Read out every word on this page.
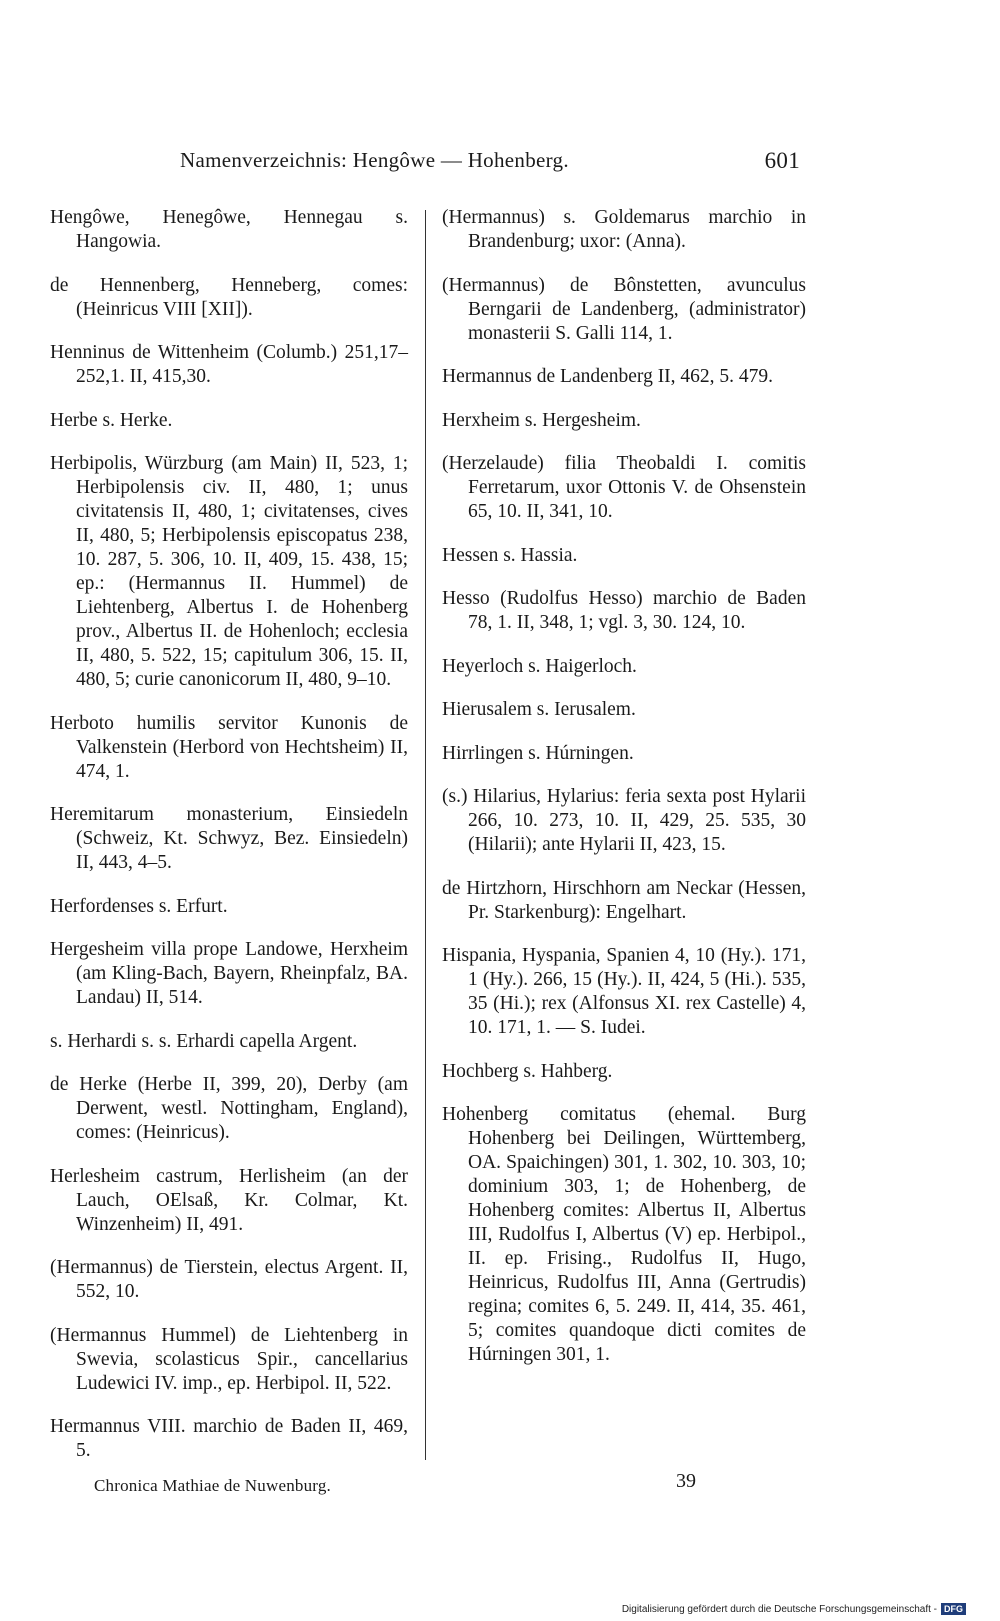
Namenverzeichnis: Hengôwe — Hohenberg.	601

Hengôwe, Henegôwe, Hennegau s. Hangowia.

de Hennenberg, Henneberg, comes: (Heinricus VIII [XII]).

Henninus de Wittenheim (Columb.) 251,17–252,1. II, 415,30.

Herbe s. Herke.

Herbipolis, Würzburg (am Main) II, 523, 1; Herbipolensis civ. II, 480, 1; unus civitatensis II, 480, 1; civitatenses, cives II, 480, 5; Herbipolensis episcopatus 238, 10. 287, 5. 306, 10. II, 409, 15. 438, 15; ep.: (Hermannus II. Hummel) de Liehtenberg, Albertus I. de Hohenberg prov., Albertus II. de Hohenloch; ecclesia II, 480, 5. 522, 15; capitulum 306, 15. II, 480, 5; curie canonicorum II, 480, 9–10.

Herboto humilis servitor Kunonis de Valkenstein (Herbord von Hechtsheim) II, 474, 1.

Heremitarum monasterium, Einsiedeln (Schweiz, Kt. Schwyz, Bez. Einsiedeln) II, 443, 4–5.

Herfordenses s. Erfurt.

Hergesheim villa prope Landowe, Herxheim (am Kling-Bach, Bayern, Rheinpfalz, BA. Landau) II, 514.

s. Herhardi s. s. Erhardi capella Argent.

de Herke (Herbe II, 399, 20), Derby (am Derwent, westl. Nottingham, England), comes: (Heinricus).

Herlesheim castrum, Herlisheim (an der Lauch, OElsaß, Kr. Colmar, Kt. Winzenheim) II, 491.

(Hermannus) de Tierstein, electus Argent. II, 552, 10.

(Hermannus Hummel) de Liehtenberg in Swevia, scolasticus Spir., cancellarius Ludewici IV. imp., ep. Herbipol. II, 522.

Hermannus VIII. marchio de Baden II, 469, 5.

(Hermannus) s. Goldemarus marchio in Brandenburg; uxor: (Anna).

(Hermannus) de Bônstetten, avunculus Berngarii de Landenberg, (administrator) monasterii S. Galli 114, 1.

Hermannus de Landenberg II, 462, 5. 479.

Herxheim s. Hergesheim.

(Herzelaude) filia Theobaldi I. comitis Ferretarum, uxor Ottonis V. de Ohsenstein 65, 10. II, 341, 10.

Hessen s. Hassia.

Hesso (Rudolfus Hesso) marchio de Baden 78, 1. II, 348, 1; vgl. 3, 30. 124, 10.

Heyerloch s. Haigerloch.

Hierusalem s. Ierusalem.

Hirrlingen s. Húrningen.

(s.) Hilarius, Hylarius: feria sexta post Hylarii 266, 10. 273, 10. II, 429, 25. 535, 30 (Hilarii); ante Hylarii II, 423, 15.

de Hirtzhorn, Hirschhorn am Neckar (Hessen, Pr. Starkenburg): Engelhart.

Hispania, Hyspania, Spanien 4, 10 (Hy.). 171, 1 (Hy.). 266, 15 (Hy.). II, 424, 5 (Hi.). 535, 35 (Hi.); rex (Alfonsus XI. rex Castelle) 4, 10. 171, 1. — S. Iudei.

Hochberg s. Hahberg.

Hohenberg comitatus (ehemal. Burg Hohenberg bei Deilingen, Württemberg, OA. Spaichingen) 301, 1. 302, 10. 303, 10; dominium 303, 1; de Hohenberg, de Hohenberg comites: Albertus II, Albertus III, Rudolfus I, Albertus (V) ep. Herbipol., II. ep. Frising., Rudolfus II, Hugo, Heinricus, Rudolfus III, Anna (Gertrudis) regina; comites 6, 5. 249. II, 414, 35. 461, 5; comites quandoque dicti comites de Húrningen 301, 1.

Chronica Mathiae de Nuwenburg.	39
Digitalisierung gefördert durch die Deutsche Forschungsgemeinschaft - DFG
